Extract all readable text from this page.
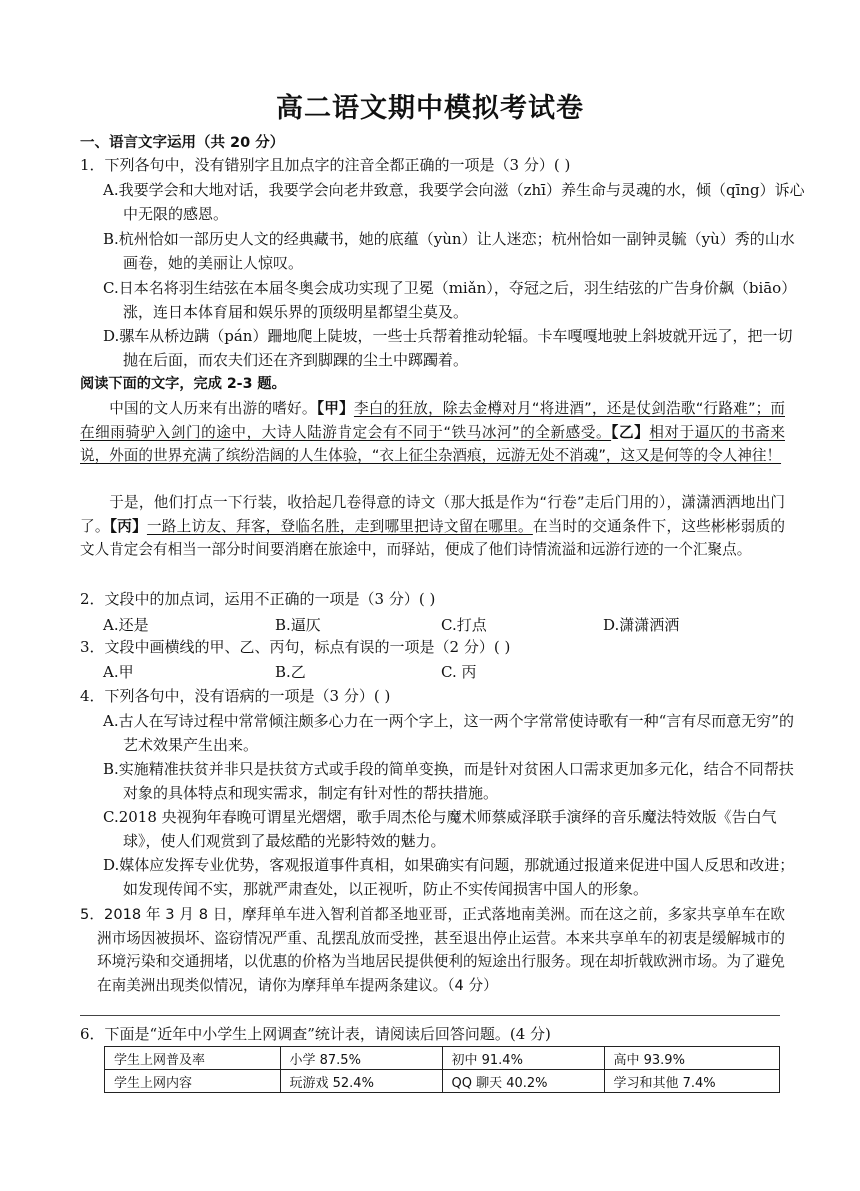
高二语文期中模拟考试卷
一、语言文字运用（共 20 分）
1．下列各句中，没有错别字且加点字的注音全都正确的一项是（3 分）( )
A.我要学会和大地对话，我要学会向老井致意，我要学会向滋（zhī）养生命与灵魂的水，倾（qīng）诉心中无限的感恩。
B.杭州恰如一部历史人文的经典藏书，她的底蕴（yùn）让人迷恋；杭州恰如一副钟灵毓（yù）秀的山水画卷，她的美丽让人惊叹。
C.日本名将羽生结弦在本届冬奥会成功实现了卫冕（miǎn），夺冠之后，羽生结弦的广告身价飙（biāo）涨，连日本体育届和娱乐界的顶级明星都望尘莫及。
D.骡车从桥边蹒（pán）跚地爬上陡坡，一些士兵帮着推动轮辐。卡车嘎嘎地驶上斜坡就开远了，把一切抛在后面，而农夫们还在齐到脚踝的尘土中踯躅着。
阅读下面的文字，完成 2-3 题。
中国的文人历来有出游的嗜好。【甲】李白的狂放，除去金樽对月“将进酒”，还是仗剑浩歌“行路难”；而在细雨骑驴入剑门的途中，大诗人陆游肯定会有不同于“铁马冰河”的全新感受。【乙】相对于逼仄的书斋来说，外面的世界充满了缤纷浩阔的人生体验，“衣上征尘杂酒痕，远游无处不消魂”，这又是何等的令人神往！
于是，他们打点一下行装，收拾起几卷得意的诗文（那大抵是作为“行卷”走后门用的），潇潇洒洒地出门了。【丙】一路上访友、拜客，登临名胜，走到哪里把诗文留在哪里。在当时的交通条件下，这些彬彬弱质的文人肯定会有相当一部分时间要消磨在旅途中，而驿站，便成了他们诗情流溢和远游行迹的一个汇聚点。
2．文段中的加点词，运用不正确的一项是（3 分）( )
A.还是	B.逼仄	C.打点	D.潇潇洒洒
3．文段中画横线的甲、乙、丙句，标点有误的一项是（2 分）( )
A.甲	B.乙	C. 丙
4．下列各句中，没有语病的一项是（3 分）( )
A.古人在写诗过程中常常倾注颇多心力在一两个字上，这一两个字常常使诗歌有一种“言有尽而意无穷”的艺术效果产生出来。
B.实施精准扶贫并非只是扶贫方式或手段的简单变换，而是针对贫困人口需求更加多元化，结合不同帮扶对象的具体特点和现实需求，制定有针对性的帮扶措施。
C.2018 央视狗年春晚可谓星光熠熠，歌手周杰伦与魔术师蔡威泽联手演绎的音乐魔法特效版《告白气球》，使人们观赏到了最炫酷的光影特效的魅力。
D.媒体应发挥专业优势，客观报道事件真相，如果确实有问题，那就通过报道来促进中国人反思和改进；如发现传闻不实，那就严肃查处，以正视听，防止不实传闻损害中国人的形象。
5．2018 年 3 月 8 日，摩拜单车进入智利首都圣地亚哥，正式落地南美洲。而在这之前，多家共享单车在欧洲市场因被损坏、盗窃情况严重、乱摆乱放而受挫，甚至退出停止运营。本来共享单车的初衷是缓解城市的环境污染和交通拥堵，以优惠的价格为当地居民提供便利的短途出行服务。现在却折戟欧洲市场。为了避免在南美洲出现类似情况，请你为摩拜单车提两条建议。（4 分）
6．下面是“近年中小学生上网调查”统计表，请阅读后回答问题。(4 分)
学生上网普及率	小学 87.5%	初中 91.4%	高中 93.9%
学生上网内容	玩游戏 52.4%	QQ 聊天 40.2%	学习和其他 7.4%
